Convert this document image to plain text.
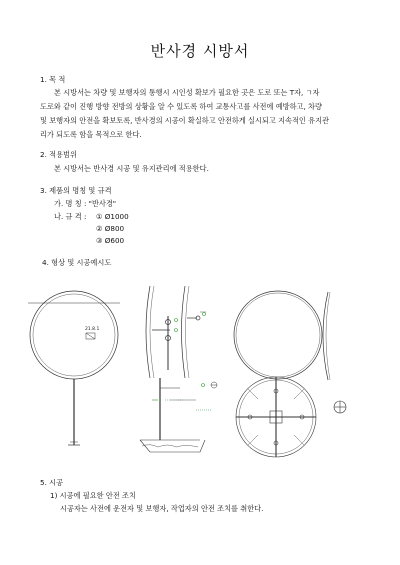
반사경 시방서
1. 목 적
본 시방서는 차량 및 보행자의 통행시 시인성 확보가 필요한 곳은 도로 또는 T자, ㄱ자
도로와 같이 진행 방향 전방의 상황을 알 수 있도록 하여 교통사고를 사전에 예방하고, 차량
및 보행자의 안전을 확보토록, 반사경의 시공이 확실하고 안전하게 실시되고 지속적인 유지관
리가 되도록 함을 목적으로 한다.
2. 적용범위
본 시방서는 반사경 시공 및 유지관리에 적용한다.
3. 제품의 명칭 및 규격
가. 명 칭 : "반사경"
나. 규 격 : ① Ø1000
② Ø800
③ Ø600
4. 형상 및 시공예시도
21.8.1
5. 시공
1) 시공에 필요한 안전 조치
시공자는 사전에 운전자 및 보행자, 작업자의 안전 조치를 취한다.
